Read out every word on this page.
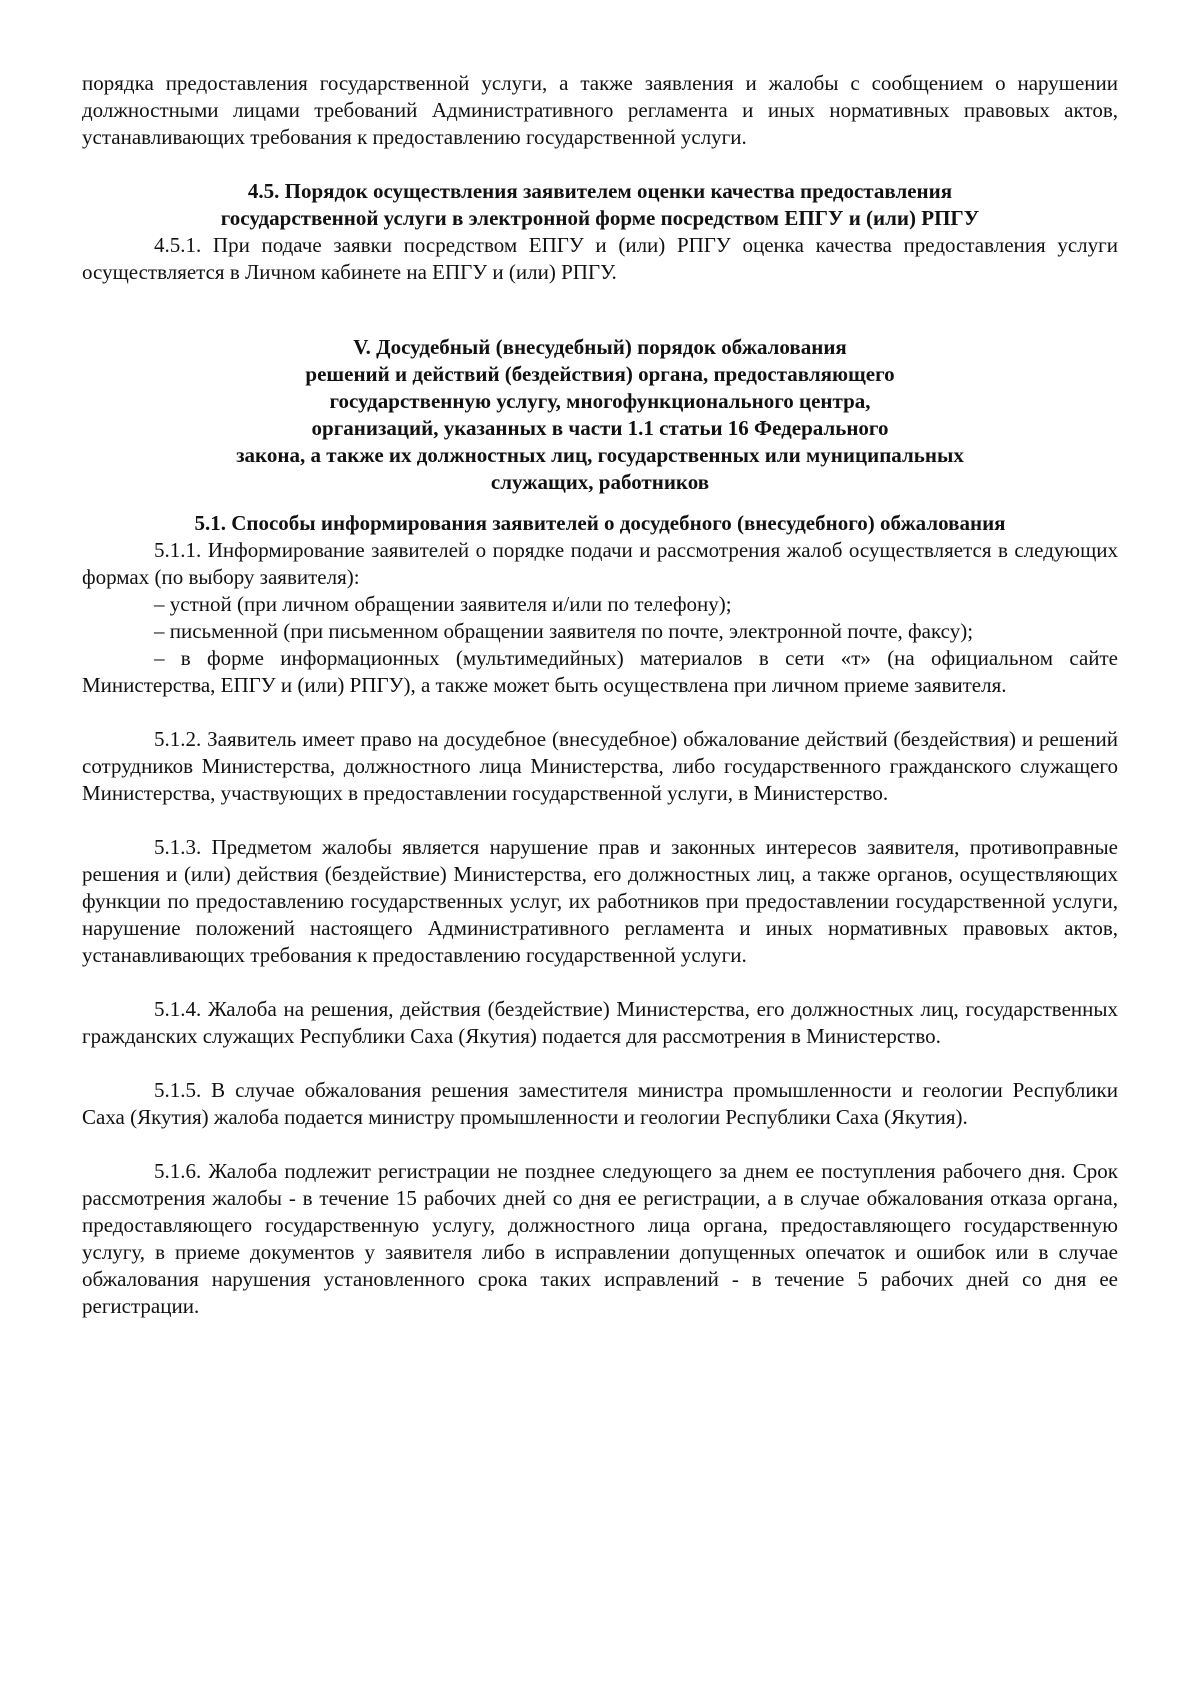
порядка предоставления государственной услуги, а также заявления и жалобы с сообщением о нарушении должностными лицами требований Административного регламента и иных нормативных правовых актов, устанавливающих требования к предоставлению государственной услуги.

4.5. Порядок осуществления заявителем оценки качества предоставления

государственной услуги в электронной форме посредством ЕПГУ и (или) РПГУ

4.5.1. При подаче заявки посредством ЕПГУ и (или) РПГУ оценка качества предоставления услуги осуществляется в Личном кабинете на ЕПГУ и (или) РПГУ.

V. Досудебный (внесудебный) порядок обжалования

решений и действий (бездействия) органа, предоставляющего

государственную услугу, многофункционального центра,

организаций, указанных в части 1.1 статьи 16 Федерального

закона, а также их должностных лиц, государственных или муниципальных

служащих, работников

5.1. Способы информирования заявителей о досудебного (внесудебного) обжалования

5.1.1. Информирование заявителей о порядке подачи и рассмотрения жалоб осуществляется в следующих формах (по выбору заявителя):

– устной (при личном обращении заявителя и/или по телефону);

– письменной (при письменном обращении заявителя по почте, электронной почте, факсу);

– в форме информационных (мультимедийных) материалов в сети «т» (на официальном сайте Министерства, ЕПГУ и (или) РПГУ), а также может быть осуществлена при личном приеме заявителя.

5.1.2. Заявитель имеет право на досудебное (внесудебное) обжалование действий (бездействия) и решений сотрудников Министерства, должностного лица Министерства, либо государственного гражданского служащего Министерства, участвующих в предоставлении государственной услуги, в Министерство.

5.1.3. Предметом жалобы является нарушение прав и законных интересов заявителя, противоправные решения и (или) действия (бездействие) Министерства, его должностных лиц, а также органов, осуществляющих функции по предоставлению государственных услуг, их работников при предоставлении государственной услуги, нарушение положений настоящего Административного регламента и иных нормативных правовых актов, устанавливающих требования к предоставлению государственной услуги.

5.1.4. Жалоба на решения, действия (бездействие) Министерства, его должностных лиц, государственных гражданских служащих Республики Саха (Якутия) подается для рассмотрения в Министерство.

5.1.5. В случае обжалования решения заместителя министра промышленности и геологии Республики Саха (Якутия) жалоба подается министру промышленности и геологии Республики Саха (Якутия).

5.1.6. Жалоба подлежит регистрации не позднее следующего за днем ее поступления рабочего дня. Срок рассмотрения жалобы - в течение 15 рабочих дней со дня ее регистрации, а в случае обжалования отказа органа, предоставляющего государственную услугу, должностного лица органа, предоставляющего государственную услугу, в приеме документов у заявителя либо в исправлении допущенных опечаток и ошибок или в случае обжалования нарушения установленного срока таких исправлений - в течение 5 рабочих дней со дня ее регистрации.
